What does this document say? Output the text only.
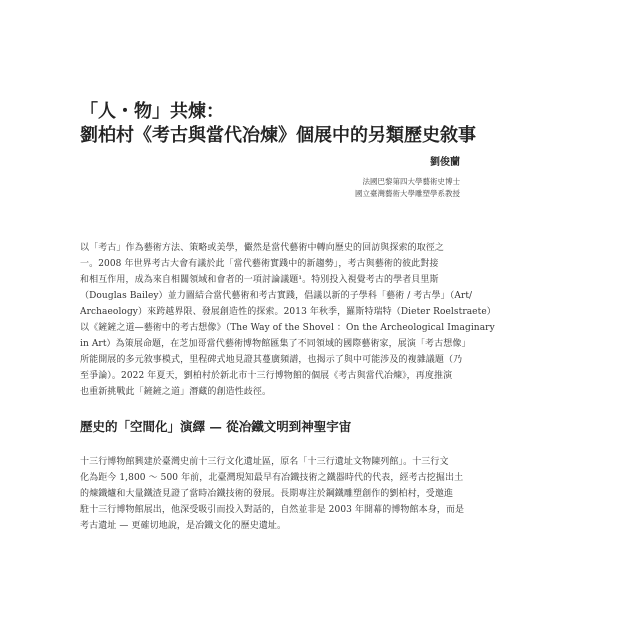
「人・物」共煉：
劉柏村《考古與當代冶煉》個展中的另類歷史敘事
劉俊蘭
法國巴黎第四大學藝術史博士
國立臺灣藝術大學雕塑學系教授
以「考古」作為藝術方法、策略或美學，儼然是當代藝術中轉向歷史的回訪與探索的取徑之
一。2008 年世界考古大會有議於此「當代藝術實踐中的新趨勢」，考古與藝術的彼此對接
和相互作用，成為來自相關領域和會者的一項討論議題¹。特別投入視覺考古的學者貝里斯
（Douglas Bailey）並力圖結合當代藝術和考古實踐，倡議以新的子學科「藝術 / 考古學」（Art/
Archaeology）來跨越界限、發展創造性的探索。2013 年秋季，羅斯特瑞特（Dieter Roelstraete）
以《鏟鏟之道—藝術中的考古想像》（The Way of the Shovel ：On the Archeological Imaginary
in Art）為策展命題，在芝加哥當代藝術博物館匯集了不同領域的國際藝術家，展演「考古想像」
所能開展的多元敘事模式，里程碑式地見證其蔓廣頻譜，也揭示了與中可能涉及的複雜議題（乃
至爭論）。2022 年夏天，劉柏村於新北市十三行博物館的個展《考古與當代冶煉》，再度推演
也重新挑戰此「鏟鏟之道」潛藏的創造性歧徑。
歷史的「空間化」演繹 — 從冶鐵文明到神聖宇宙
十三行博物館興建於臺灣史前十三行文化遺址區，原名「十三行遺址文物陳列館」。十三行文
化為距今 1,800 ～ 500 年前，北臺灣現知最早有冶鐵技術之鐵器時代的代表，經考古挖掘出土
的煉鐵爐和大量鐵渣見證了當時冶鐵技術的發展。長期專注於鋼鐵雕塑創作的劉柏村，受邀進
駐十三行博物館展出，他深受吸引而投入對話的，自然並非是 2003 年開幕的博物館本身，而是
考古遺址 — 更確切地說，是冶鐵文化的歷史遺址。
